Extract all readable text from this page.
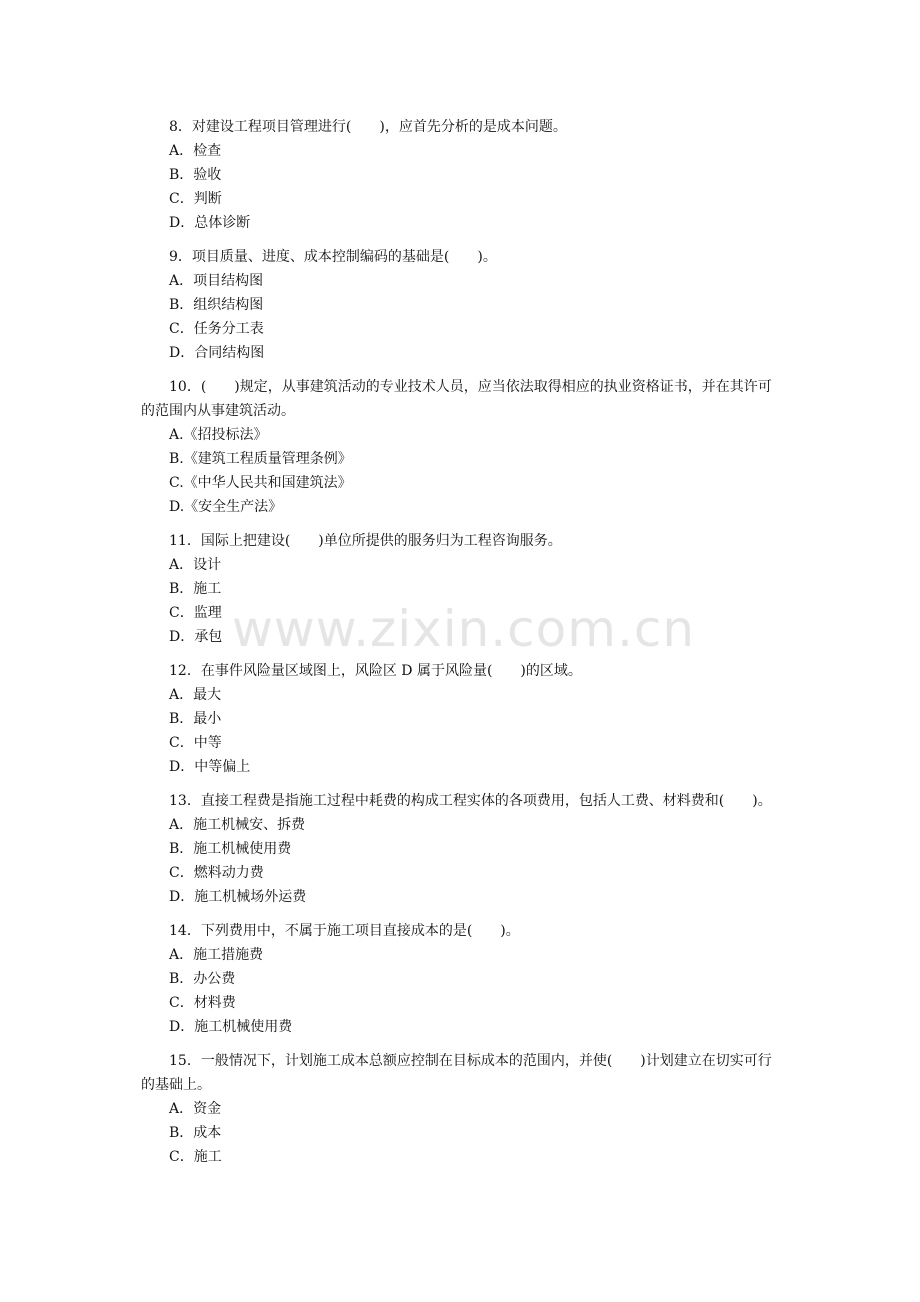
8．对建设工程项目管理进行(　　)，应首先分析的是成本问题。

A．检查

B．验收

C．判断

D．总体诊断

9．项目质量、进度、成本控制编码的基础是(　　)。

A．项目结构图

B．组织结构图

C．任务分工表

D．合同结构图

10．(　　)规定，从事建筑活动的专业技术人员，应当依法取得相应的执业资格证书，并在其许可的范围内从事建筑活动。

A.《招投标法》

B.《建筑工程质量管理条例》

C.《中华人民共和国建筑法》

D.《安全生产法》

11．国际上把建设(　　)单位所提供的服务归为工程咨询服务。

A．设计

B．施工

C．监理

D．承包

12．在事件风险量区域图上，风险区 D 属于风险量(　　)的区域。

A．最大

B．最小

C．中等

D．中等偏上

13．直接工程费是指施工过程中耗费的构成工程实体的各项费用，包括人工费、材料费和(　　)。

A．施工机械安、拆费

B．施工机械使用费

C．燃料动力费

D．施工机械场外运费

14．下列费用中，不属于施工项目直接成本的是(　　)。

A．施工措施费

B．办公费

C．材料费

D．施工机械使用费

15．一般情况下，计划施工成本总额应控制在目标成本的范围内，并使(　　)计划建立在切实可行的基础上。

A．资金

B．成本

C．施工

www.zixin.com.cn
